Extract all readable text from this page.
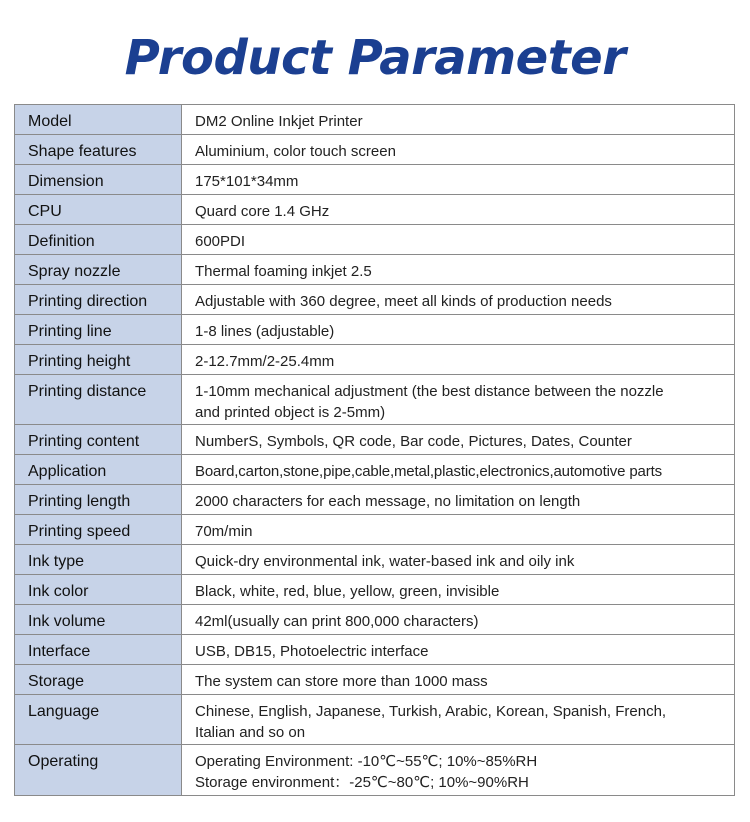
Product Parameter
Model	DM2 Online Inkjet Printer
Shape features	Aluminium, color touch screen
Dimension	175*101*34mm
CPU	Quard core 1.4 GHz
Definition	600PDI
Spray nozzle	Thermal foaming inkjet 2.5
Printing direction	Adjustable with 360 degree, meet all kinds of production needs
Printing line	1-8 lines (adjustable)
Printing height	2-12.7mm/2-25.4mm
Printing distance	1-10mm mechanical adjustment (the best distance between the nozzle
and printed object is 2-5mm)

Printing content	NumberS, Symbols, QR code, Bar code, Pictures, Dates, Counter
Application	Board,carton,stone,pipe,cable,metal,plastic,electronics,automotive parts
Printing length	2000 characters for each message, no limitation on length
Printing speed	70m/min
Ink type	Quick-dry environmental ink, water-based ink and oily ink
Ink color	Black, white, red, blue, yellow, green, invisible
Ink volume	42ml(usually can print 800,000 characters)
Interface	USB, DB15, Photoelectric interface
Storage	The system can store more than 1000 mass
Language	Chinese, English, Japanese, Turkish, Arabic, Korean, Spanish, French,
Italian and so on

Operating	Operating Environment: -10℃~55℃; 10%~85%RH
Storage environment：-25℃~80℃; 10%~90%RH
